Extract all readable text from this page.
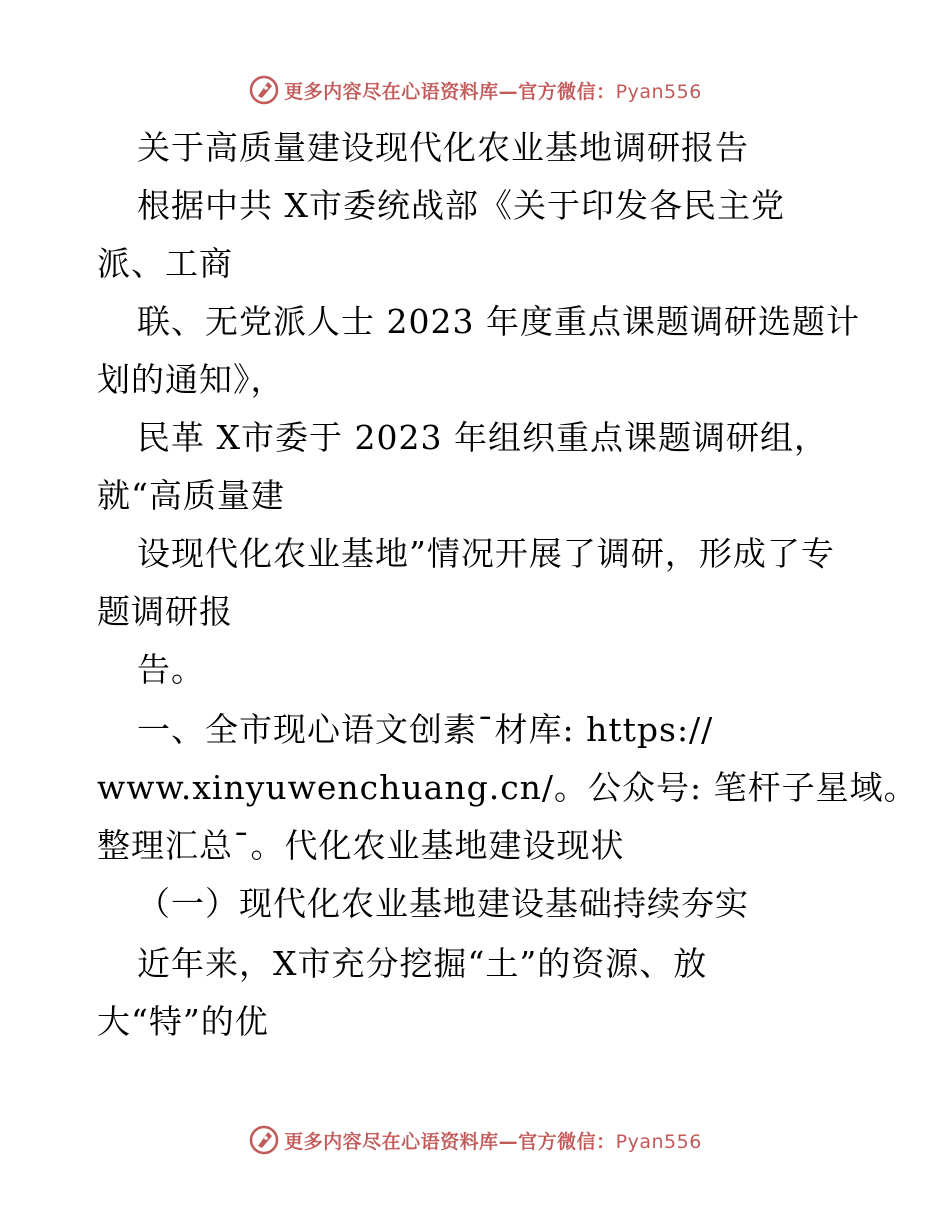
更多内容尽在心语资料库—官方微信：Pyan556
关于高质量建设现代化农业基地调研报告
根据中共 X市委统战部《关于印发各民主党
派、工商
联、无党派人士 2023 年度重点课题调研选题计
划的通知》，
民革 X市委于 2023 年组织重点课题调研组，
就“高质量建
设现代化农业基地”情况开展了调研，形成了专
题调研报
告。
一、全市现心语文创素¯材库: https://
www.xinyuwenchuang.cn/。公众号: 笔杆子星域。
整理汇总¯。代化农业基地建设现状
（一）现代化农业基地建设基础持续夯实
近年来，X市充分挖掘“土”的资源、放
大“特”的优
更多内容尽在心语资料库—官方微信：Pyan556
